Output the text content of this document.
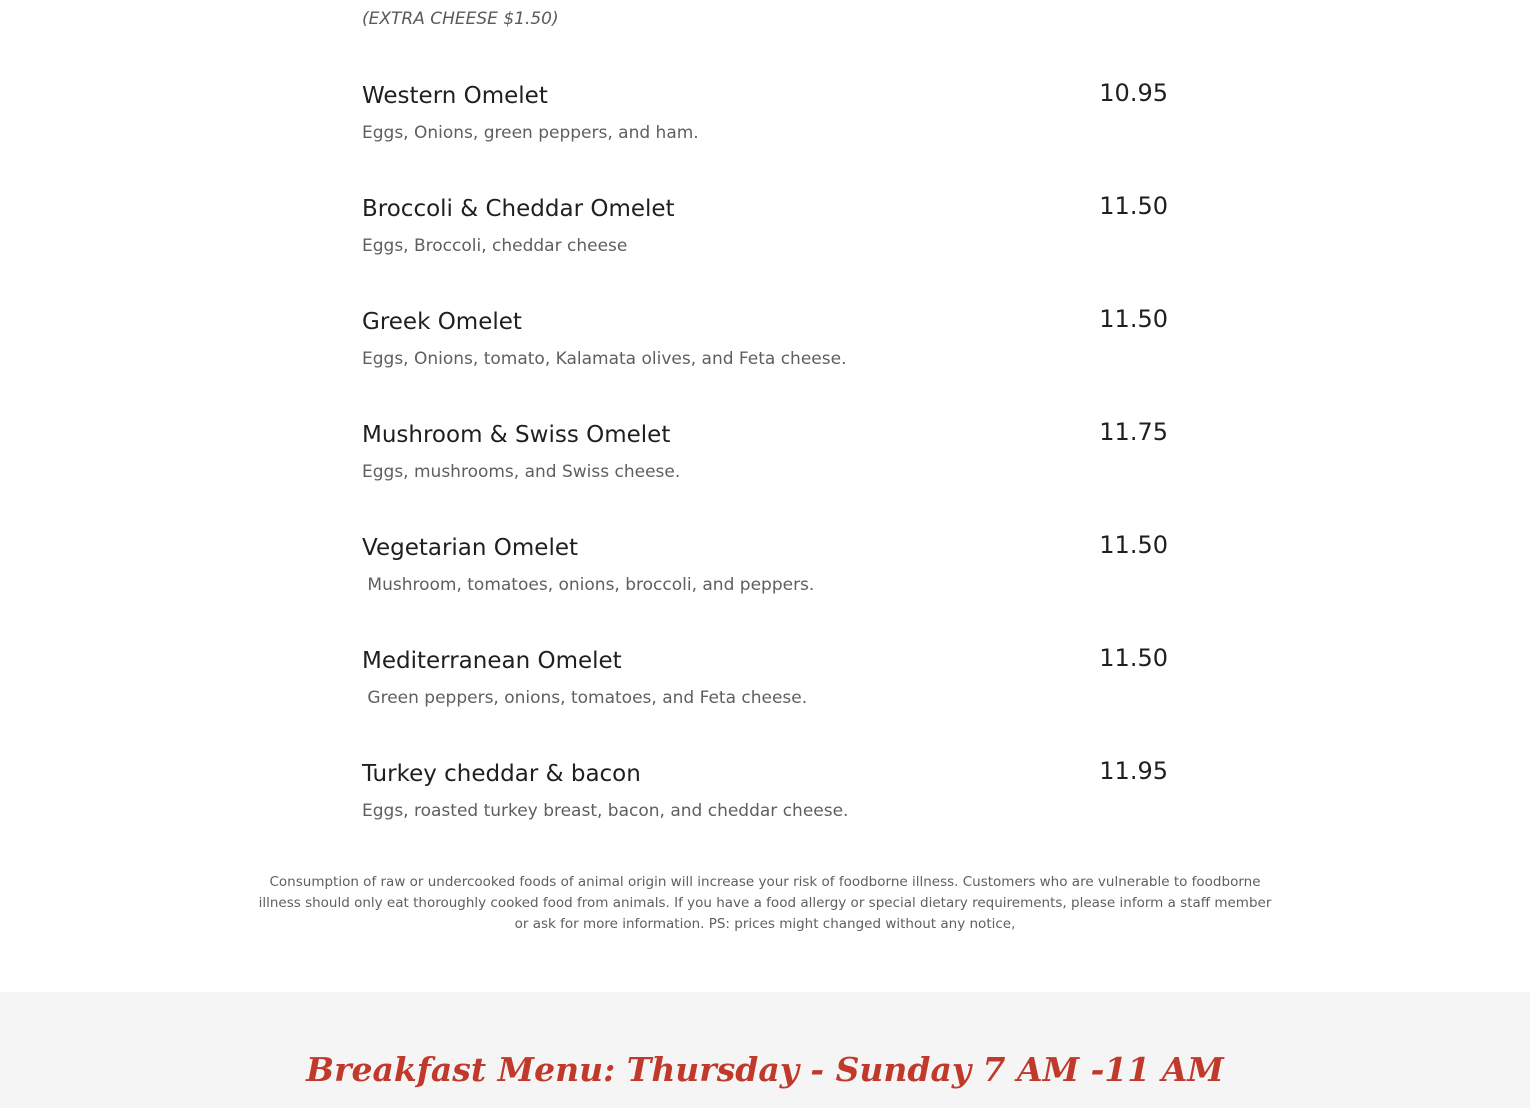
(EXTRA CHEESE $1.50)

Western Omelet
Eggs, Onions, green peppers, and ham.
10.95
Broccoli & Cheddar Omelet
Eggs, Broccoli, cheddar cheese
11.50
Greek Omelet
Eggs, Onions, tomato, Kalamata olives, and Feta cheese.
11.50
Mushroom & Swiss Omelet
Eggs, mushrooms, and Swiss cheese.
11.75
Vegetarian Omelet
Mushroom, tomatoes, onions, broccoli, and peppers.
11.50
Mediterranean Omelet
Green peppers, onions, tomatoes, and Feta cheese.
11.50
Turkey cheddar & bacon
Eggs, roasted turkey breast, bacon, and cheddar cheese.
11.95

Consumption of raw or undercooked foods of animal origin will increase your risk of foodborne illness. Customers who are vulnerable to foodborne illness should only eat thoroughly cooked food from animals. If you have a food allergy or special dietary requirements, please inform a staff member or ask for more information. PS: prices might changed without any notice,

Breakfast Menu: Thursday - Sunday 7 AM -11 AM
